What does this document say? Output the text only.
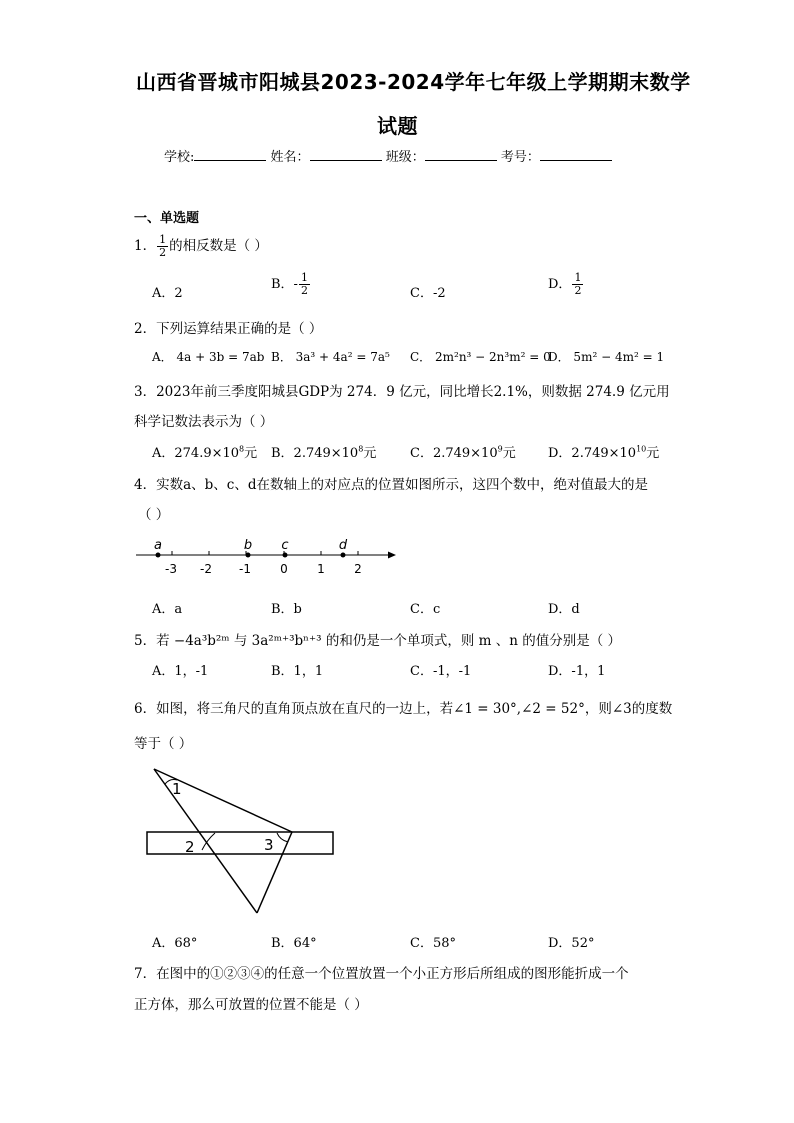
山西省晋城市阳城县2023-2024学年七年级上学期期末数学
试题
学校:	姓名：	班级：	考号：
一、单选题
1． $\frac{1}{2}$ 的相反数是（ ）
A．2
B．- $\frac{1}{2}$	C．-2
D． $\frac{1}{2}$
2．下列运算结果正确的是（ ）
A． 4a + 3b = 7ab B． 3a³ + 4a² = 7a⁵ C． 2m²n³ − 2n³m² = 0
D． 5m² − 4m² = 1
3．2023年前三季度阳城县GDP为 274．9 亿元，同比增长2.1%，则数据 274.9 亿元用
科学记数法表示为（ ）
A．$274.9\times 10^8$元 B．$2.749\times 10^8$元	C．$2.749\times 10^9$元 D．$2.749\times 10^{10}$元
4．实数a、b、c、d在数轴上的对应点的位置如图所示，这四个数中，绝对值最大的是
（ ）
-3 -2 -1 0 1 2
a	b c	d
A．a	B．b	C．c	D．d
5．若 −4a³b²ᵐ 与 3a²ᵐ⁺³bⁿ⁺³ 的和仍是一个单项式，则 m 、n 的值分别是（ ）
A．1，-1	B．1，1	C．-1，-1	D．-1，1
6．如图，将三角尺的直角顶点放在直尺的一边上，若∠1 = 30°,∠2 = 52°，则∠3的度数
等于（ ）
1
2	3
A．68°	B．64°	C．58°	D．52°
7．在图中的①②③④的任意一个位置放置一个小正方形后所组成的图形能折成一个
正方体，那么可放置的位置不能是（ ）
